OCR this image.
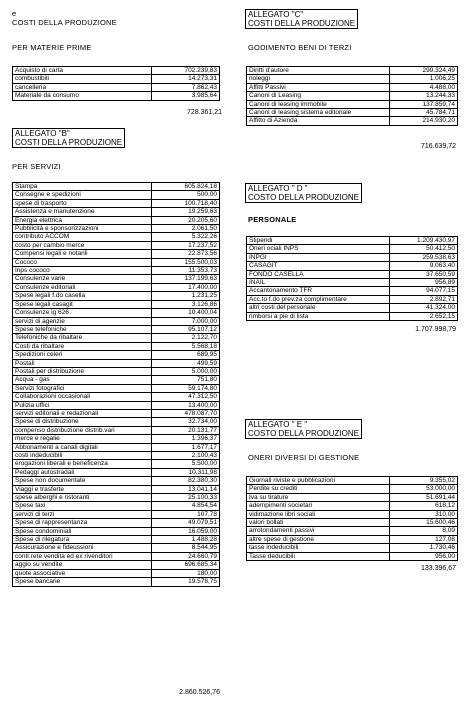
e
COSTI DELLA PRODUZIONE
PER MATERIE PRIME
Acquisto di carta	702.239,83
combustibili	14.273,31
cancelleria	7.862,43
Materiale da consumo	3.985,64
728.361,21
ALLEGATO "B"
COSTI DELLA PRODUZIONE
PER SERVIZI
Stampa	605.824,18
Consegne e spedizioni	500,00
spese di trasporto	100.718,40
Assistenza e manutenzione	19.259,63
Energia elettrica	20.205,60
Pubblicità e sponsorizzazioni	2.061,50
contributo ACCOM	5.322,26
costo per cambio merce	17.237,52
Compensi legali e notarili	22.873,56
Cococo	155.500,03
Inps cococo	11.353,73
Consulenze varie	137.199,63
Consulenze editoriali	17.400,00
Spese legali f.do casella	1.231,25
Spese legali casagit	3.126,86
Consulenze lg 626	10.400,04
servizi di agenzie	7.000,00
Spese telefoniche	95.107,12
Telefoniche da ribaltare	2.122,70
Costi da ribaltare	5.568,18
Spedizioni celeri	689,95
Postali	499,59
Postali per distribuzione	5.000,00
Acqua - gas	751,80
Servizi fotografici	59.174,80
Collaborazioni occasionali	47.312,50
Pulizia uffici	13.400,00
servizi editoriali e redazionali	478.087,70
Spese di distribuzione	32.734,00
compenso distribuzione distrib.vari	20.131,77
merce e regalie	1.396,37
Abbonamenti a canali digitali	1.677,17
costi indeducibili	2.100,43
erogazioni liberali e beneficenza	5.500,00
Pedaggi autostradali	10.311,98
Spese non documentate	82.380,30
Viaggi e trasferte	13.041,14
spese alberghi e ristoranti	25.100,33
Spese taxi	4.854,54
servizi di terzi	107,78
Spese di rappresentanza	49.079,51
Spese condominiali	16.059,00
Spese di rilegatura	1.488,28
Assicurazione e fideussioni	8.544,95
contr.rete vendita ed ex rivenditori	24.660,79
aggio su vendite	696.685,34
quote associative	180,00
Spese bancarie	19.578,75
2.860.526,76
ALLEGATO "C"
COSTI DELLA PRODUZIONE
GODIMENTO BENI DI TERZI
Diritti d'autore	299.324,49
noleggi	1.006,25
Affitti Passivi	4.488,00
Canoni di Leasing	13.244,33
Canoni di leasing immobile	137.859,74
Canoni di leasing sistema editoriale	45.784,71
Affitto di Azienda	214.930,20
716.639,72
ALLEGATO " D "
COSTO DELLA PRODUZIONE
PERSONALE
Stipendi	1.209.430,97
Oneri ociali INPS	50.412,50
INPGI	259.538,63
CASAGIT	9.063,40
FONDO CASELLA	37.650,59
INAIL	956,89
Accantonamento TFR	94.077,15
Acc.to f.do prev.za complimentare	2.892,71
altri costi del personale	41.324,00
rimborsi a pie di lista	2.652,15
1.707.998,79
ALLEGATO " E "
COSTO DELLA PRODUZIONE
ONERI DIVERSI DI GESTIONE
Giornali riviste e pubblicazioni	9.355,02
Perdite su crediti	53.000,00
Iva su tirature	51.691,44
adempimenti societari	618,12
vidimazione libri sociali	310,00
valori bollati	15.600,46
arrotondamenti passivi	8,09
altre spese di gestione	127,08
tasse indeducibili	1.730,46
Tasse deducibili	956,00
133.396,67
